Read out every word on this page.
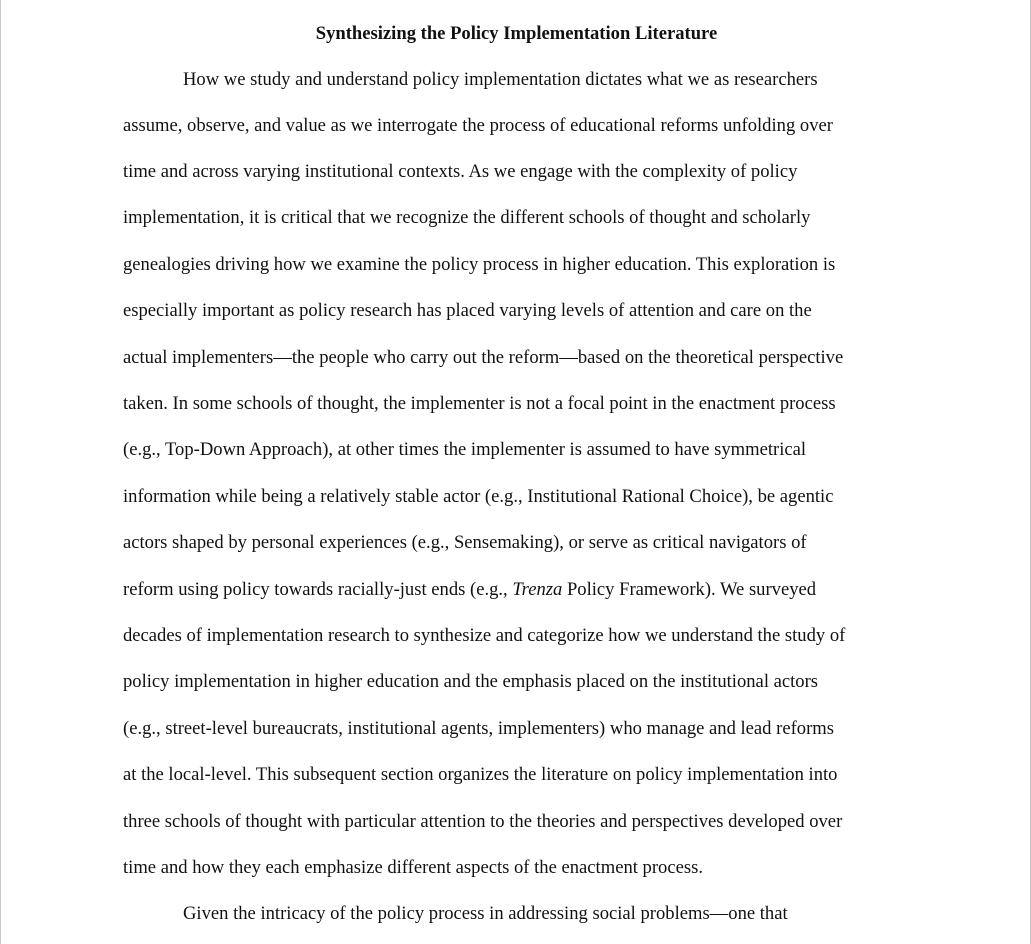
Synthesizing the Policy Implementation Literature

How we study and understand policy implementation dictates what we as researchers

assume, observe, and value as we interrogate the process of educational reforms unfolding over

time and across varying institutional contexts. As we engage with the complexity of policy

implementation, it is critical that we recognize the different schools of thought and scholarly

genealogies driving how we examine the policy process in higher education. This exploration is

especially important as policy research has placed varying levels of attention and care on the

actual implementers—the people who carry out the reform—based on the theoretical perspective

taken. In some schools of thought, the implementer is not a focal point in the enactment process

(e.g., Top-Down Approach), at other times the implementer is assumed to have symmetrical

information while being a relatively stable actor (e.g., Institutional Rational Choice), be agentic

actors shaped by personal experiences (e.g., Sensemaking), or serve as critical navigators of

reform using policy towards racially-just ends (e.g., Trenza Policy Framework). We surveyed

decades of implementation research to synthesize and categorize how we understand the study of

policy implementation in higher education and the emphasis placed on the institutional actors

(e.g., street-level bureaucrats, institutional agents, implementers) who manage and lead reforms

at the local-level. This subsequent section organizes the literature on policy implementation into

three schools of thought with particular attention to the theories and perspectives developed over

time and how they each emphasize different aspects of the enactment process.

Given the intricacy of the policy process in addressing social problems—one that
